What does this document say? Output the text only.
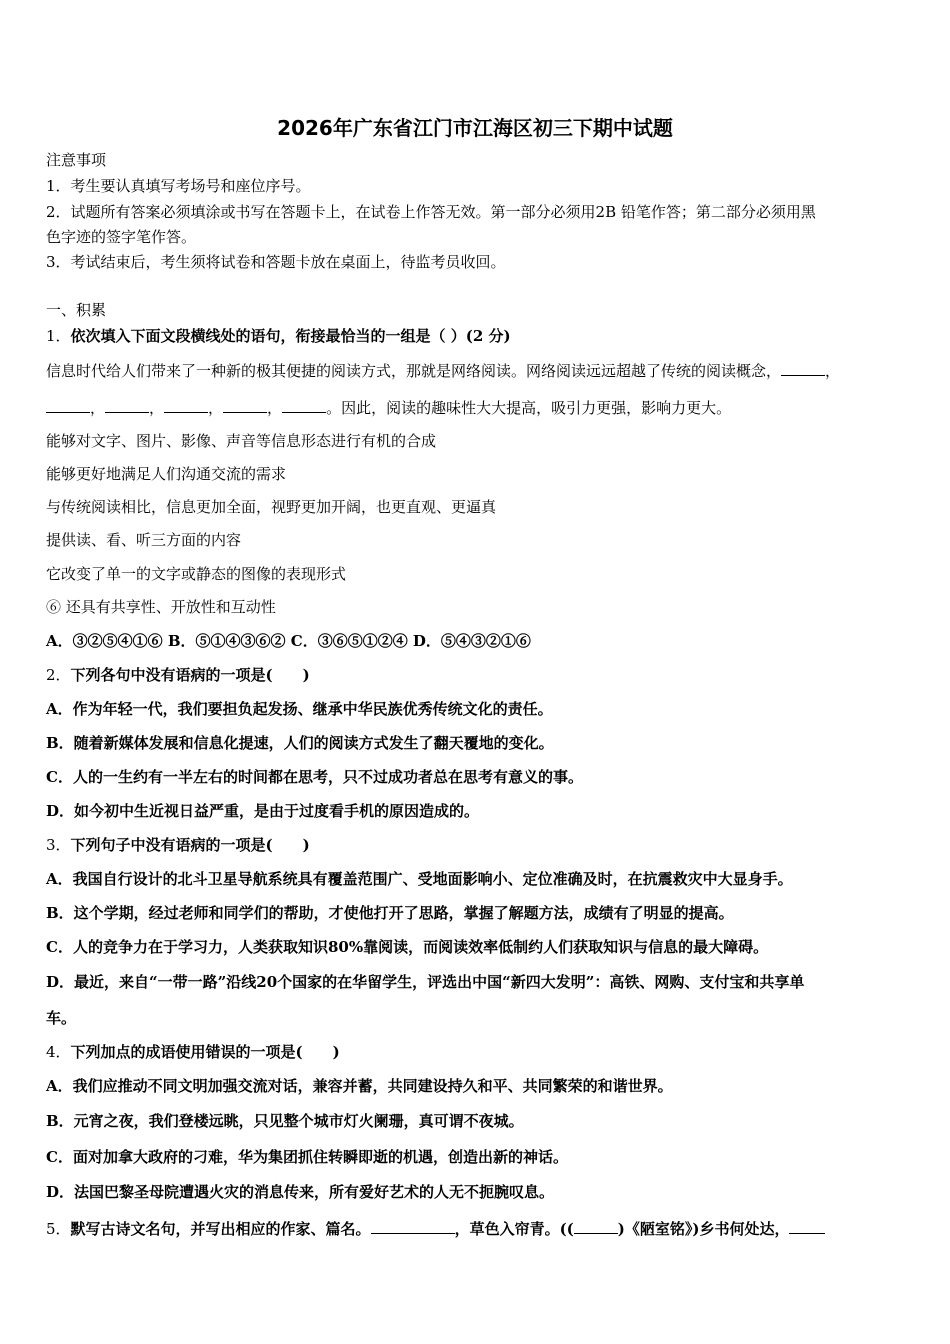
2026年广东省江门市江海区初三下期中试题
注意事项
1．考生要认真填写考场号和座位序号。
2．试题所有答案必须填涂或书写在答题卡上，在试卷上作答无效。第一部分必须用2B 铅笔作答；第二部分必须用黑
色字迹的签字笔作答。
3．考试结束后，考生须将试卷和答题卡放在桌面上，待监考员收回。
一、积累
1．依次填入下面文段横线处的语句，衔接最恰当的一组是（ ）(2 分)
信息时代给人们带来了一种新的极其便捷的阅读方式，那就是网络阅读。网络阅读远远超越了传统的阅读概念，	，
，	，	，	，	。因此，阅读的趣味性大大提高，吸引力更强，影响力更大。
能够对文字、图片、影像、声音等信息形态进行有机的合成
能够更好地满足人们沟通交流的需求
与传统阅读相比，信息更加全面，视野更加开阔，也更直观、更逼真
提供读、看、听三方面的内容
它改变了单一的文字或静态的图像的表现形式
⑥ 还具有共享性、开放性和互动性
A．③②⑤④①⑥ B．⑤①④③⑥② C．③⑥⑤①②④ D．⑤④③②①⑥
2．下列各句中没有语病的一项是(　　)
A．作为年轻一代，我们要担负起发扬、继承中华民族优秀传统文化的责任。
B．随着新媒体发展和信息化提速，人们的阅读方式发生了翻天覆地的变化。
C．人的一生约有一半左右的时间都在思考，只不过成功者总在思考有意义的事。
D．如今初中生近视日益严重，是由于过度看手机的原因造成的。
3．下列句子中没有语病的一项是(　　)
A．我国自行设计的北斗卫星导航系统具有覆盖范围广、受地面影响小、定位准确及时，在抗震救灾中大显身手。
B．这个学期，经过老师和同学们的帮助，才使他打开了思路，掌握了解题方法，成绩有了明显的提高。
C．人的竞争力在于学习力，人类获取知识80%靠阅读，而阅读效率低制约人们获取知识与信息的最大障碍。
D．最近，来自“一带一路”沿线20个国家的在华留学生，评选出中国“新四大发明”：高铁、网购、支付宝和共享单
车。
4．下列加点的成语使用错误的一项是(　　)
A．我们应推动不同文明加强交流对话，兼容并蓄，共同建设持久和平、共同繁荣的和谐世界。
B．元宵之夜，我们登楼远眺，只见整个城市灯火阑珊，真可谓不夜城。
C．面对加拿大政府的刁难，华为集团抓住转瞬即逝的机遇，创造出新的神话。
D．法国巴黎圣母院遭遇火灾的消息传来，所有爱好艺术的人无不扼腕叹息。
5．默写古诗文名句，并写出相应的作家、篇名。	，草色入帘青。((	)《陋室铭》)乡书何处达，
